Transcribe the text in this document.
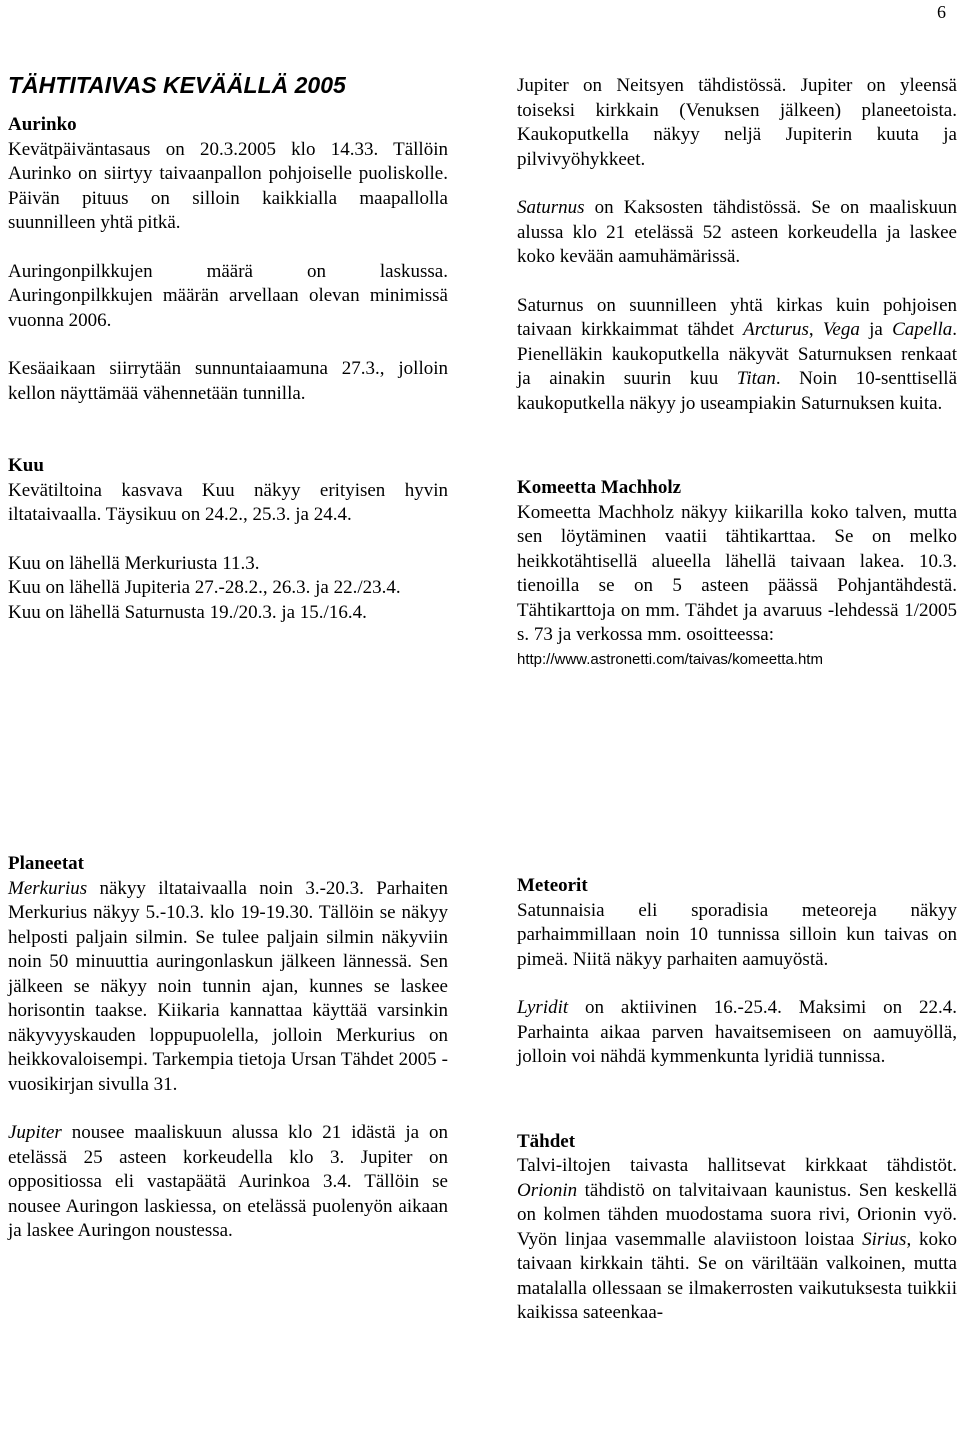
6
TÄHTITAIVAS KEVÄÄLLÄ 2005

Aurinko

Kevätpäiväntasaus on 20.3.2005 klo 14.33. Tällöin Aurinko on siirtyy taivaanpallon pohjoiselle puoliskolle. Päivän pituus on silloin kaikkialla maapallolla suunnilleen yhtä pitkä.

Auringonpilkkujen määrä on laskussa. Auringonpilkkujen määrän arvellaan olevan minimissä vuonna 2006.

Kesäaikaan siirrytään sunnuntaiaamuna 27.3., jolloin kellon näyttämää vähennetään tunnilla.

Kuu

Kevätiltoina kasvava Kuu näkyy erityisen hyvin iltataivaalla. Täysikuu on 24.2., 25.3. ja 24.4.

Kuu on lähellä Merkuriusta 11.3.

Kuu on lähellä Jupiteria 27.-28.2., 26.3. ja 22./23.4.

Kuu on lähellä Saturnusta 19./20.3. ja 15./16.4.

Jupiter on Neitsyen tähdistössä. Jupiter on yleensä toiseksi kirkkain (Venuksen jälkeen) planeetoista. Kaukoputkella näkyy neljä Jupiterin kuuta ja pilvivyöhykkeet.

Saturnus on Kaksosten tähdistössä. Se on maaliskuun alussa klo 21 etelässä 52 asteen korkeudella ja laskee koko kevään aamuhämärissä.

Saturnus on suunnilleen yhtä kirkas kuin pohjoisen taivaan kirkkaimmat tähdet Arcturus, Vega ja Capella. Pienelläkin kaukoputkella näkyvät Saturnuksen renkaat ja ainakin suurin kuu Titan. Noin 10-senttisellä kaukoputkella näkyy jo useampiakin Saturnuksen kuita.

Komeetta Machholz

Komeetta Machholz näkyy kiikarilla koko talven, mutta sen löytäminen vaatii tähtikarttaa. Se on melko heikkotähtisellä alueella lähellä taivaan lakea. 10.3. tienoilla se on 5 asteen päässä Pohjantähdestä. Tähtikarttoja on mm. Tähdet ja avaruus -lehdessä 1/2005 s. 73 ja verkossa mm. osoitteessa:

http://www.astronetti.com/taivas/komeetta.htm

Planeetat

Merkurius näkyy iltataivaalla noin 3.-20.3. Parhaiten Merkurius näkyy 5.-10.3. klo 19-19.30. Tällöin se näkyy helposti paljain silmin. Se tulee paljain silmin näkyviin noin 50 minuuttia auringonlaskun jälkeen lännessä. Sen jälkeen se näkyy noin tunnin ajan, kunnes se laskee horisontin taakse. Kiikaria kannattaa käyttää varsinkin näkyvyyskauden loppupuolella, jolloin Merkurius on heikkovaloisempi. Tarkempia tietoja Ursan Tähdet 2005 -vuosikirjan sivulla 31.

Jupiter nousee maaliskuun alussa klo 21 idästä ja on etelässä 25 asteen korkeudella klo 3. Jupiter on oppositiossa eli vastapäätä Aurinkoa 3.4. Tällöin se nousee Auringon laskiessa, on etelässä puolenyön aikaan ja laskee Auringon noustessa.

Meteorit

Satunnaisia eli sporadisia meteoreja näkyy parhaimmillaan noin 10 tunnissa silloin kun taivas on pimeä. Niitä näkyy parhaiten aamuyöstä.

Lyridit on aktiivinen 16.-25.4. Maksimi on 22.4. Parhainta aikaa parven havaitsemiseen on aamuyöllä, jolloin voi nähdä kymmenkunta lyridiä tunnissa.

Tähdet

Talvi-iltojen taivasta hallitsevat kirkkaat tähdistöt. Orionin tähdistö on talvitaivaan kaunistus. Sen keskellä on kolmen tähden muodostama suora rivi, Orionin vyö. Vyön linjaa vasemmalle alaviistoon loistaa Sirius, koko taivaan kirkkain tähti. Se on väriltään valkoinen, mutta matalalla ollessaan se ilmakerrosten vaikutuksesta tuikkii kaikissa sateenkaa-
